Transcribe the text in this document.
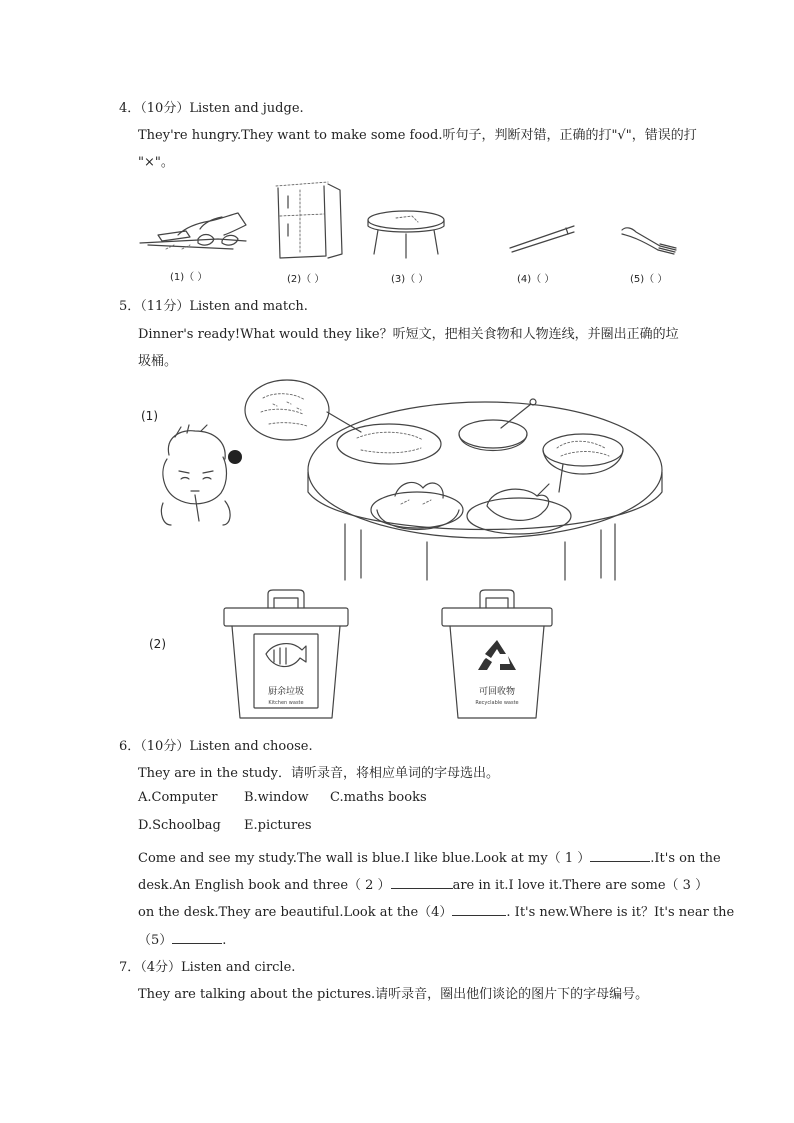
4．（10分）Listen and judge.
They're hungry.They want to make some food.听句子，判断对错，正确的打"√"，错误的打
"×"。
(1)（ ）	(2)（ ）	(3)（ ）	(4)（ ）	(5)（ ）
5．（11分）Listen and match.
Dinner's ready!What would they like？听短文，把相关食物和人物连线，并圈出正确的垃
圾桶。
(1)
(2)
厨余垃圾
Kitchen waste
可回收物
Recyclable waste
6．（10分）Listen and choose.
They are in the study．请听录音，将相应单词的字母选出。
A.Computer B.window C.maths books
D.Schoolbag E.pictures
Come and see my study.The wall is blue.I like blue.Look at my（ 1 ）	.It's on the
desk.An English book and three（ 2 ）	are in it.I love it.There are some（ 3 ）
on the desk.They are beautiful.Look at the（4）	. It's new.Where is it？It's near the
（5）	.
7．（4分）Listen and circle.
They are talking about the pictures.请听录音，圈出他们谈论的图片下的字母编号。
